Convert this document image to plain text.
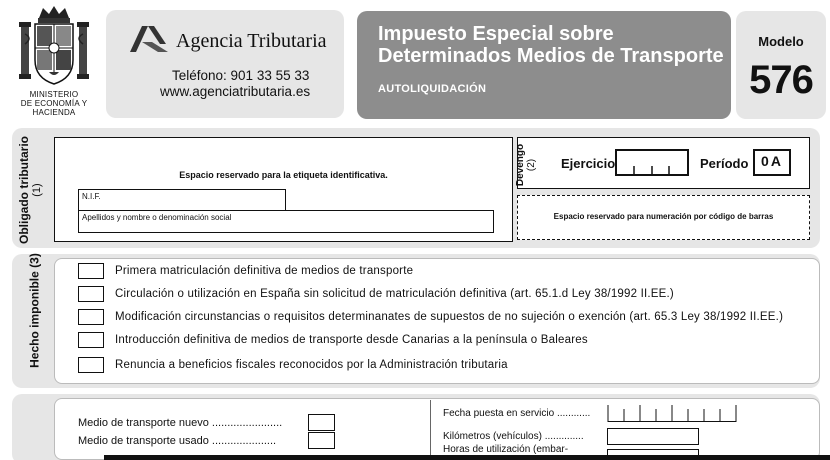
MINISTERIO
DE ECONOMÍA Y
HACIENDA
Agencia Tributaria
Teléfono: 901 33 55 33
www.agenciatributaria.es
Impuesto Especial sobre
Determinados Medios de Transporte
AUTOLIQUIDACIÓN
Modelo
576
Obligado tributario (1)
Espacio reservado para la etiqueta identificativa.
N.I.F.
Apellidos y nombre o denominación social
Devengo (2) Ejercicio	Período 0A
Espacio reservado para numeración por código de barras
Hecho imponible (3)
Primera matriculación definitiva de medios de transporte
Circulación o utilización en España sin solicitud de matriculación definitiva (art. 65.1.d Ley 38/1992 II.EE.)
Modificación circunstancias o requisitos determinanates de supuestos de no sujeción o exención (art. 65.3 Ley 38/1992 II.EE.)
Introducción definitiva de medios de transporte desde Canarias a la península o Baleares
Renuncia a beneficios fiscales reconocidos por la Administración tributaria
Medio de transporte nuevo .......................
Medio de transporte usado .....................
Fecha puesta en servicio ............
Kilómetros (vehículos) ..............
Horas de utilización (embar-
